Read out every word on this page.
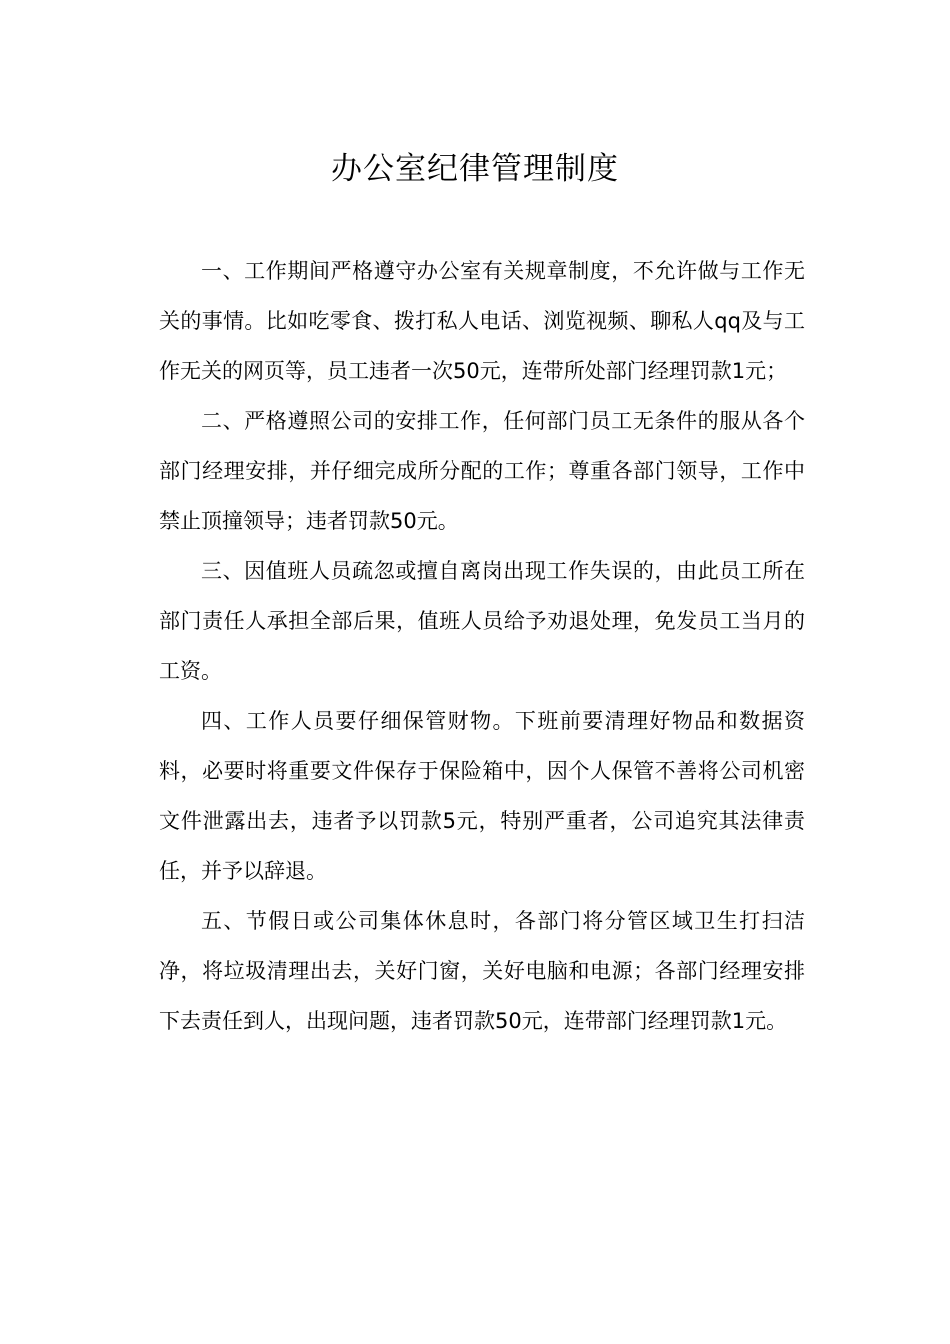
办公室纪律管理制度

一、工作期间严格遵守办公室有关规章制度，不允许做与工作无关的事情。比如吃零食、拨打私人电话、浏览视频、聊私人qq及与工作无关的网页等，员工违者一次50元，连带所处部门经理罚款1元；

二、严格遵照公司的安排工作，任何部门员工无条件的服从各个部门经理安排，并仔细完成所分配的工作；尊重各部门领导，工作中禁止顶撞领导；违者罚款50元。

三、因值班人员疏忽或擅自离岗出现工作失误的，由此员工所在部门责任人承担全部后果，值班人员给予劝退处理，免发员工当月的工资。

四、工作人员要仔细保管财物。下班前要清理好物品和数据资料，必要时将重要文件保存于保险箱中，因个人保管不善将公司机密文件泄露出去，违者予以罚款5元，特别严重者，公司追究其法律责任，并予以辞退。

五、节假日或公司集体休息时，各部门将分管区域卫生打扫洁净，将垃圾清理出去，关好门窗，关好电脑和电源；各部门经理安排下去责任到人，出现问题，违者罚款50元，连带部门经理罚款1元。
